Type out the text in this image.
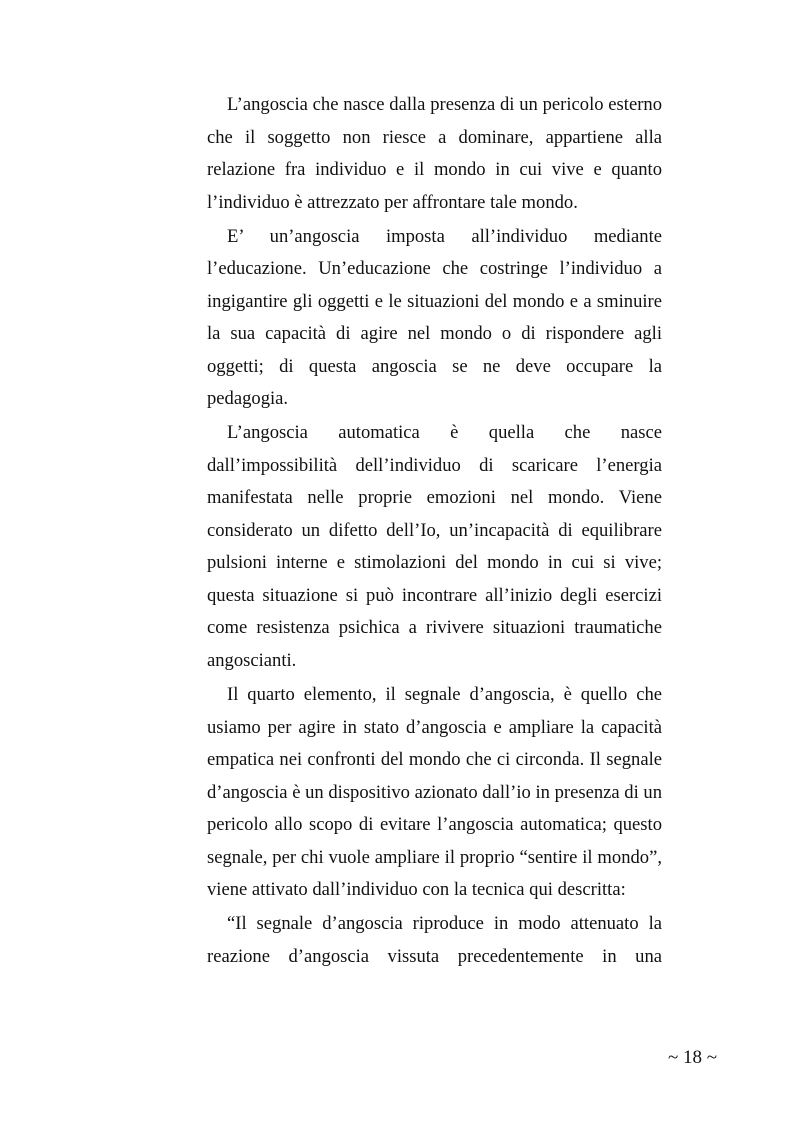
L’angoscia che nasce dalla presenza di un pericolo esterno che il soggetto non riesce a dominare, appartiene alla relazione fra individuo e il mondo in cui vive e quanto l’individuo è attrezzato per affrontare tale mondo.

E’ un’angoscia imposta all’individuo mediante l’educazione. Un’educazione che costringe l’individuo a ingigantire gli oggetti e le situazioni del mondo e a sminuire la sua capacità di agire nel mondo o di rispondere agli oggetti; di questa angoscia se ne deve occupare la pedagogia.

L’angoscia automatica è quella che nasce dall’impossibilità dell’individuo di scaricare l’energia manifestata nelle proprie emozioni nel mondo. Viene considerato un difetto dell’Io, un’incapacità di equilibrare pulsioni interne e stimolazioni del mondo in cui si vive; questa situazione si può incontrare all’inizio degli esercizi come resistenza psichica a rivivere situazioni traumatiche angoscianti.

Il quarto elemento, il segnale d’angoscia, è quello che usiamo per agire in stato d’angoscia e ampliare la capacità empatica nei confronti del mondo che ci circonda. Il segnale d’angoscia è un dispositivo azionato dall’io in presenza di un pericolo allo scopo di evitare l’angoscia automatica; questo segnale, per chi vuole ampliare il proprio “sentire il mondo”, viene attivato dall’individuo con la tecnica qui descritta:

“Il segnale d’angoscia riproduce in modo attenuato la reazione d’angoscia vissuta precedentemente in una

~ 18 ~
